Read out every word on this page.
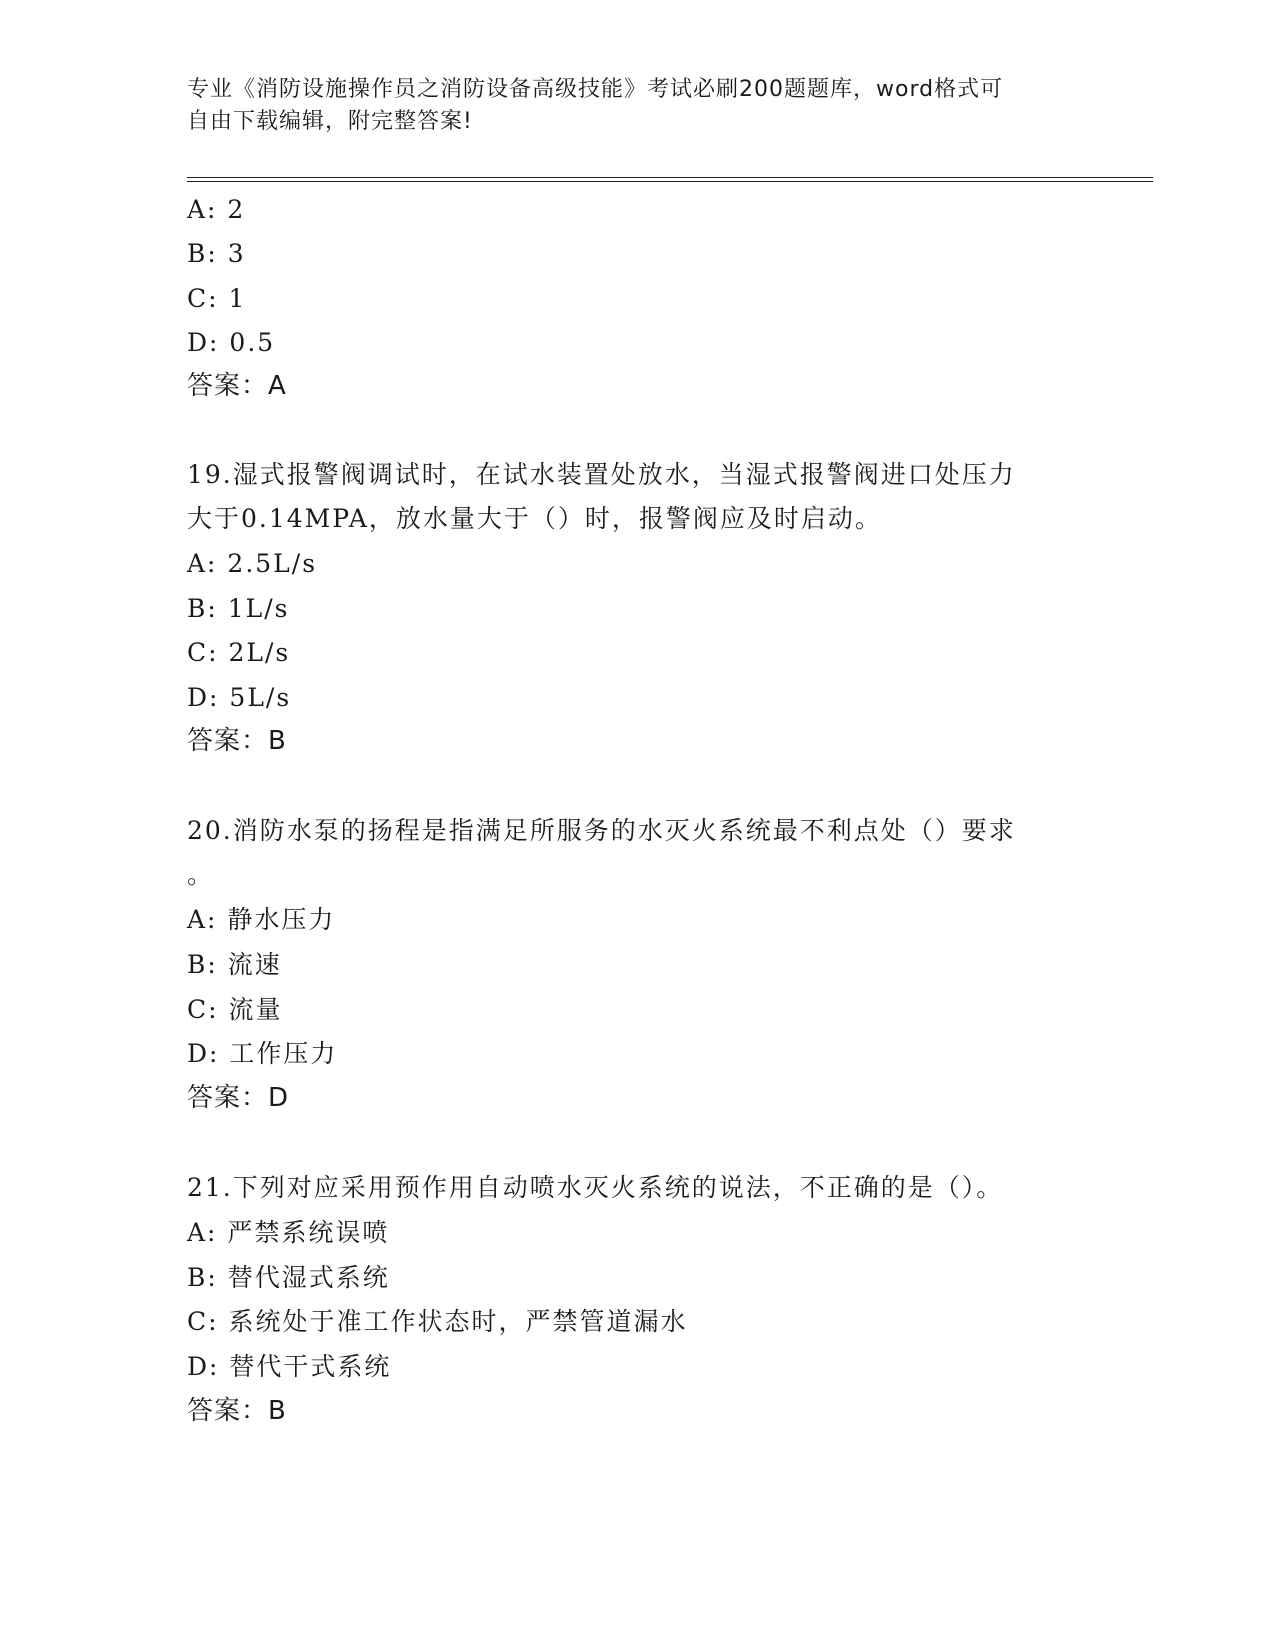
专业《消防设施操作员之消防设备高级技能》考试必刷200题题库，word格式可
自由下载编辑，附完整答案!
A: 2
B: 3
C: 1
D: 0.5
答案：A
19.湿式报警阀调试时，在试水装置处放水，当湿式报警阀进口处压力
大于0.14MPA，放水量大于（）时，报警阀应及时启动。
A: 2.5L/s
B: 1L/s
C: 2L/s
D: 5L/s
答案：B
20.消防水泵的扬程是指满足所服务的水灭火系统最不利点处（）要求
。
A: 静水压力
B: 流速
C: 流量
D: 工作压力
答案：D
21.下列对应采用预作用自动喷水灭火系统的说法，不正确的是（）。
A: 严禁系统误喷
B: 替代湿式系统
C: 系统处于准工作状态时，严禁管道漏水
D: 替代干式系统
答案：B
